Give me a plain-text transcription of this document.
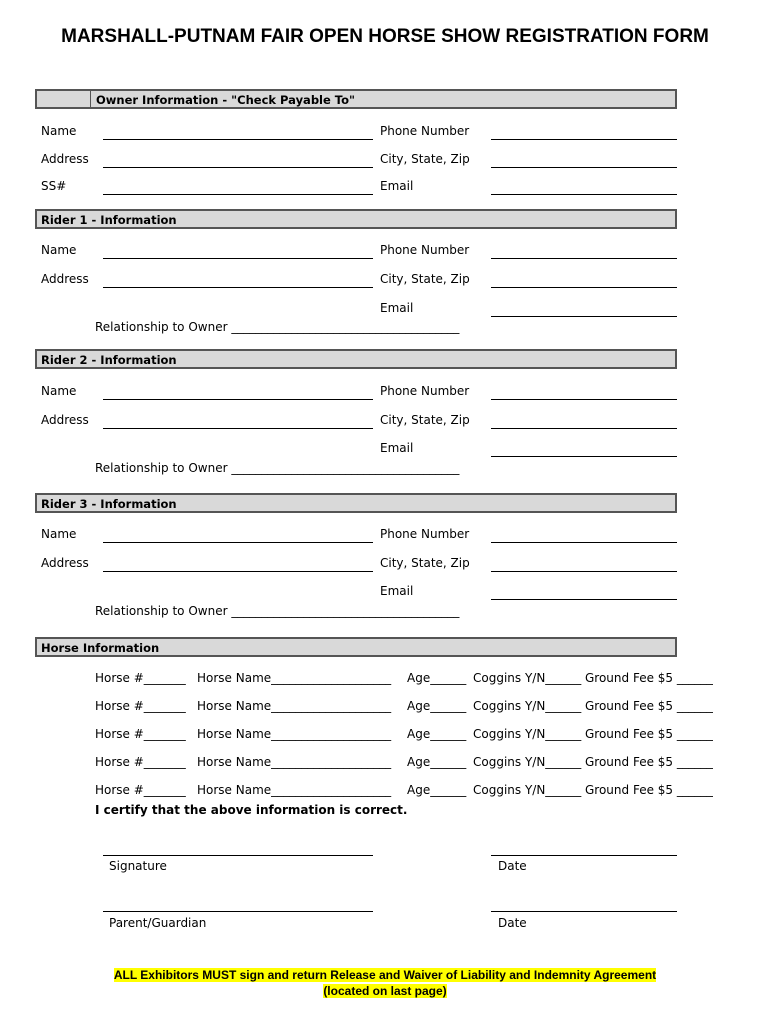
MARSHALL-PUTNAM FAIR OPEN HORSE SHOW REGISTRATION FORM
Owner Information - "Check Payable To"
Name	Phone Number
Address	City, State, Zip
SS#	Email
Rider 1 - Information
Name	Phone Number
Address	City, State, Zip
Email
Relationship to Owner ______________________________________
Rider 2 - Information
Name	Phone Number
Address	City, State, Zip
Email
Relationship to Owner ______________________________________
Rider 3 - Information
Name	Phone Number
Address	City, State, Zip
Email
Relationship to Owner ______________________________________
Horse Information
Horse #_______ Horse Name____________________ Age______ Coggins Y/N______ Ground Fee $5 ______
Horse #_______ Horse Name____________________ Age______ Coggins Y/N______ Ground Fee $5 ______
Horse #_______ Horse Name____________________ Age______ Coggins Y/N______ Ground Fee $5 ______
Horse #_______ Horse Name____________________ Age______ Coggins Y/N______ Ground Fee $5 ______
Horse #_______ Horse Name____________________ Age______ Coggins Y/N______ Ground Fee $5 ______
I certify that the above information is correct.
Signature	Date
Parent/Guardian	Date
ALL Exhibitors MUST sign and return Release and Waiver of Liability and Indemnity Agreement
(located on last page)
